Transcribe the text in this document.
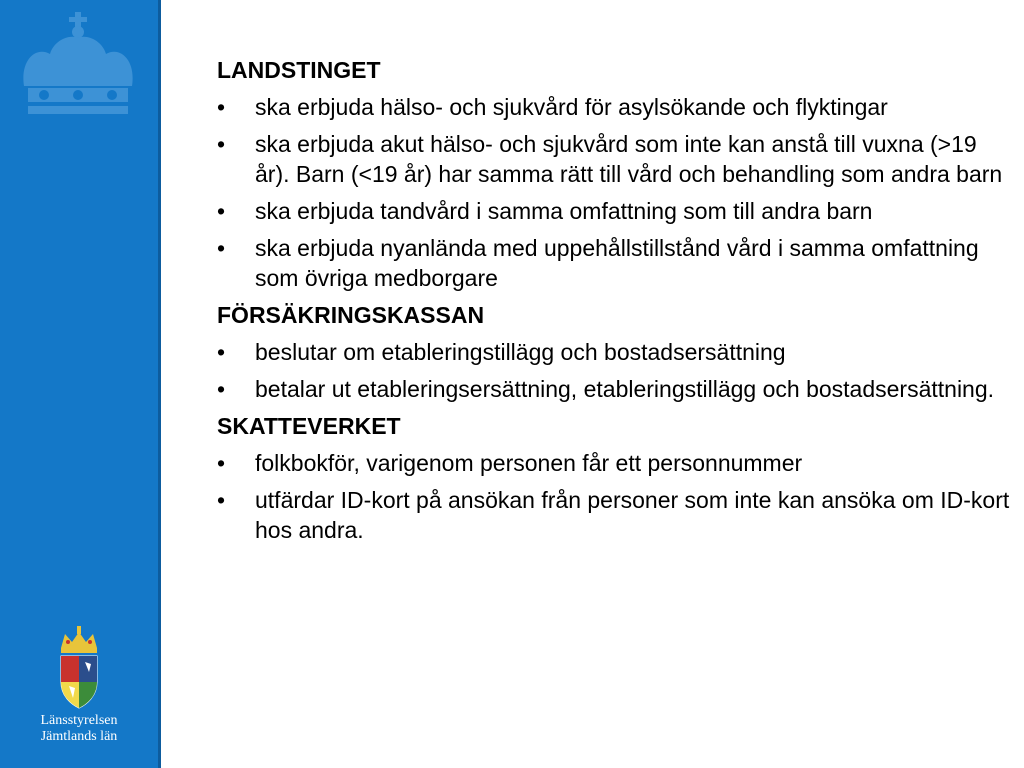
Länsstyrelsen
Jämtlands län
LANDSTINGET
•	ska erbjuda hälso- och sjukvård för asylsökande och flyktingar
•	ska erbjuda akut hälso- och sjukvård som inte kan anstå till vuxna (>19 år). Barn (<19 år) har samma rätt till vård och behandling som andra barn
•	ska erbjuda tandvård i samma omfattning som till andra barn
•	ska erbjuda nyanlända med uppehållstillstånd vård i samma omfattning som övriga medborgare
FÖRSÄKRINGSKASSAN
•	beslutar om etableringstillägg och bostadsersättning
•	betalar ut etableringsersättning, etableringstillägg och bostadsersättning.
SKATTEVERKET
•	folkbokför, varigenom personen får ett personnummer
•	utfärdar ID-kort på ansökan från personer som inte kan ansöka om ID-kort hos andra.
